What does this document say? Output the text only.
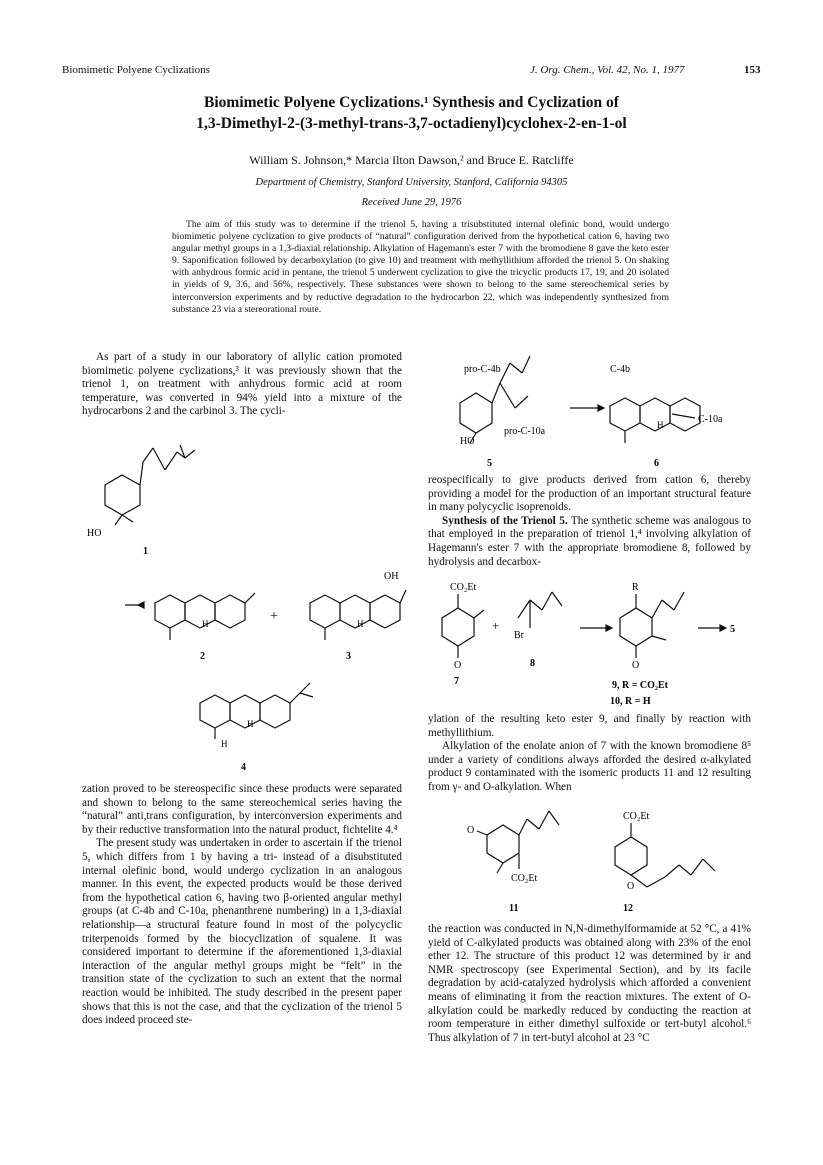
Biomimetic Polyene Cyclizations	J. Org. Chem., Vol. 42, No. 1, 1977	153
Biomimetic Polyene Cyclizations.¹ Synthesis and Cyclization of
1,3-Dimethyl-2-(3-methyl-trans-3,7-octadienyl)cyclohex-2-en-1-ol
William S. Johnson,* Marcia Ilton Dawson,² and Bruce E. Ratcliffe
Department of Chemistry, Stanford University, Stanford, California 94305
Received June 29, 1976
The aim of this study was to determine if the trienol 5, having a trisubstituted internal olefinic bond, would undergo biomimetic polyene cyclization to give products of “natural” configuration derived from the hypothetical cation 6, having two angular methyl groups in a 1,3-diaxial relationship. Alkylation of Hagemann's ester 7 with the bromodiene 8 gave the keto ester 9. Saponification followed by decarboxylation (to give 10) and treatment with methyllithium afforded the trienol 5. On shaking with anhydrous formic acid in pentane, the trienol 5 underwent cyclization to give the tricyclic products 17, 19, and 20 isolated in yields of 9, 3.6, and 56%, respectively. These substances were shown to belong to the same stereochemical series by interconversion experiments and by reductive degradation to the hydrocarbon 22, which was independently synthesized from substance 23 via a stereorational route.

As part of a study in our laboratory of allylic cation promoted biomimetic polyene cyclizations,³ it was previously shown that the trienol 1, on treatment with anhydrous formic acid at room temperature, was converted in 94% yield into a mixture of the hydrocarbons 2 and the carbinol 3. The cycli-

HO
1
+
H	H
OH
2	3
H
H
4

zation proved to be stereospecific since these products were separated and shown to belong to the same stereochemical series having the “natural” anti,trans configuration, by interconversion experiments and by their reductive transformation into the natural product, fichtelite 4.⁴

The present study was undertaken in order to ascertain if the trienol 5, which differs from 1 by having a tri- instead of a disubstituted internal olefinic bond, would undergo cyclization in an analogous manner. In this event, the expected products would be those derived from the hypothetical cation 6, having two β-oriented angular methyl groups (at C-4b and C-10a, phenanthrene numbering) in a 1,3-diaxial relationship—a structural feature found in most of the polycyclic triterpenoids formed by the biocyclization of squalene. It was considered important to determine if the aforementioned 1,3-diaxial interaction of the angular methyl groups might be “felt” in the transition state of the cyclization to such an extent that the normal reaction would be inhibited. The study described in the present paper shows that this is not the case, and that the cyclization of the trienol 5 does indeed proceed ste-

pro-C-4b
pro-C-10a
HO
C-4b
C-10a
H
5	6

reospecifically to give products derived from cation 6, thereby providing a model for the production of an important structural feature in many polycyclic isoprenoids.

Synthesis of the Trienol 5. The synthetic scheme was analogous to that employed in the preparation of trienol 1,⁴ involving alkylation of Hagemann's ester 7 with the appropriate bromodiene 8, followed by hydrolysis and decarbox-

CO₂Et
O
+
Br
R
O
5
7
8
9, R = CO₂Et
10, R = H

ylation of the resulting keto ester 9, and finally by reaction with methyllithium.

Alkylation of the enolate anion of 7 with the known bromodiene 8⁵ under a variety of conditions always afforded the desired α-alkylated product 9 contaminated with the isomeric products 11 and 12 resulting from γ- and O-alkylation. When

O
CO₂Et
CO₂Et
O
11	12

the reaction was conducted in N,N-dimethylformamide at 52 °C, a 41% yield of C-alkylated products was obtained along with 23% of the enol ether 12. The structure of this product 12 was determined by ir and NMR spectroscopy (see Experimental Section), and by its facile degradation by acid-catalyzed hydrolysis which afforded a convenient means of eliminating it from the reaction mixtures. The extent of O-alkylation could be markedly reduced by conducting the reaction at room temperature in either dimethyl sulfoxide or tert-butyl alcohol.⁶ Thus alkylation of 7 in tert-butyl alcohol at 23 °C
